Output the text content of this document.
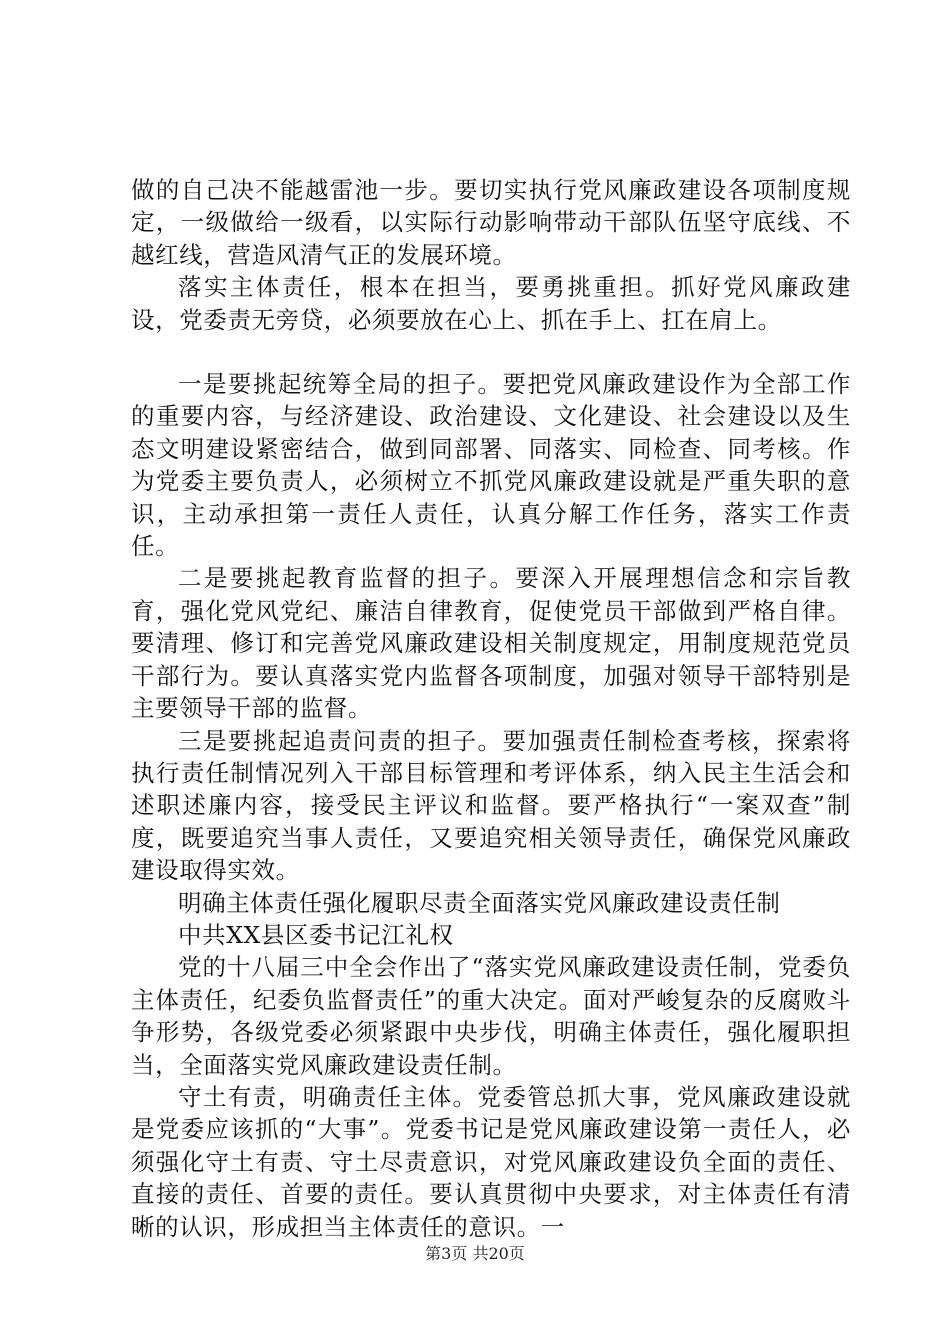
做的自己决不能越雷池一步。要切实执行党风廉政建设各项制度规定，一级做给一级看，以实际行动影响带动干部队伍坚守底线、不越红线，营造风清气正的发展环境。

落实主体责任，根本在担当，要勇挑重担。抓好党风廉政建设，党委责无旁贷，必须要放在心上、抓在手上、扛在肩上。

一是要挑起统筹全局的担子。要把党风廉政建设作为全部工作的重要内容，与经济建设、政治建设、文化建设、社会建设以及生态文明建设紧密结合，做到同部署、同落实、同检查、同考核。作为党委主要负责人，必须树立不抓党风廉政建设就是严重失职的意识，主动承担第一责任人责任，认真分解工作任务，落实工作责任。

二是要挑起教育监督的担子。要深入开展理想信念和宗旨教育，强化党风党纪、廉洁自律教育，促使党员干部做到严格自律。要清理、修订和完善党风廉政建设相关制度规定，用制度规范党员干部行为。要认真落实党内监督各项制度，加强对领导干部特别是主要领导干部的监督。

三是要挑起追责问责的担子。要加强责任制检查考核，探索将执行责任制情况列入干部目标管理和考评体系，纳入民主生活会和述职述廉内容，接受民主评议和监督。要严格执行“一案双查”制度，既要追究当事人责任，又要追究相关领导责任，确保党风廉政建设取得实效。

明确主体责任强化履职尽责全面落实党风廉政建设责任制

中共XX县区委书记江礼权

党的十八届三中全会作出了“落实党风廉政建设责任制，党委负主体责任，纪委负监督责任”的重大决定。面对严峻复杂的反腐败斗争形势，各级党委必须紧跟中央步伐，明确主体责任，强化履职担当，全面落实党风廉政建设责任制。

守土有责，明确责任主体。党委管总抓大事，党风廉政建设就是党委应该抓的“大事”。党委书记是党风廉政建设第一责任人，必须强化守土有责、守土尽责意识，对党风廉政建设负全面的责任、直接的责任、首要的责任。要认真贯彻中央要求，对主体责任有清晰的认识，形成担当主体责任的意识。一

第3页 共20页
